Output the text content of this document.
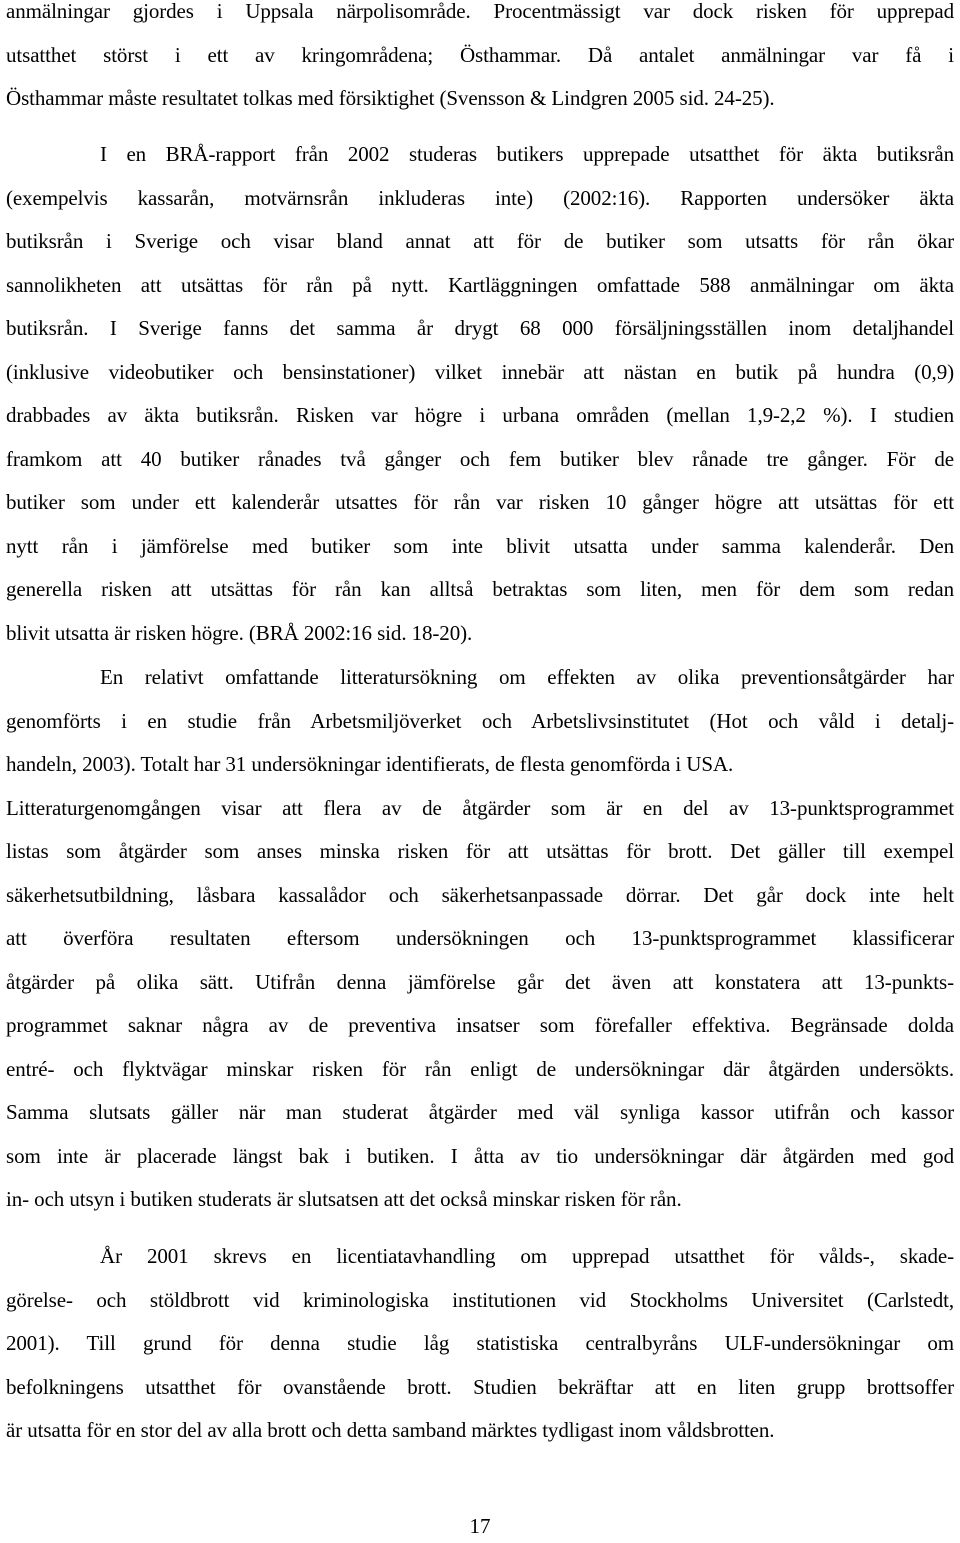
anmälningar gjordes i Uppsala närpolisområde. Procentmässigt var dock risken för upprepad
utsatthet störst i ett av kringområdena; Östhammar. Då antalet anmälningar var få i
Östhammar måste resultatet tolkas med försiktighet (Svensson & Lindgren 2005 sid. 24-25).

I en BRÅ-rapport från 2002 studeras butikers upprepade utsatthet för äkta butiksrån
(exempelvis kassarån, motvärnsrån inkluderas inte) (2002:16). Rapporten undersöker äkta
butiksrån i Sverige och visar bland annat att för de butiker som utsatts för rån ökar
sannolikheten att utsättas för rån på nytt. Kartläggningen omfattade 588 anmälningar om äkta
butiksrån. I Sverige fanns det samma år drygt 68 000 försäljningsställen inom detaljhandel
(inklusive videobutiker och bensinstationer) vilket innebär att nästan en butik på hundra (0,9)
drabbades av äkta butiksrån. Risken var högre i urbana områden (mellan 1,9-2,2 %). I studien
framkom att 40 butiker rånades två gånger och fem butiker blev rånade tre gånger. För de
butiker som under ett kalenderår utsattes för rån var risken 10 gånger högre att utsättas för ett
nytt rån i jämförelse med butiker som inte blivit utsatta under samma kalenderår. Den
generella risken att utsättas för rån kan alltså betraktas som liten, men för dem som redan
blivit utsatta är risken högre. (BRÅ 2002:16 sid. 18-20).

En relativt omfattande litteratursökning om effekten av olika preventionsåtgärder har
genomförts i en studie från Arbetsmiljöverket och Arbetslivsinstitutet (Hot och våld i detalj-
handeln, 2003). Totalt har 31 undersökningar identifierats, de flesta genomförda i USA.
Litteraturgenomgången visar att flera av de åtgärder som är en del av 13-punktsprogrammet
listas som åtgärder som anses minska risken för att utsättas för brott. Det gäller till exempel
säkerhetsutbildning, låsbara kassalådor och säkerhetsanpassade dörrar. Det går dock inte helt
att överföra resultaten eftersom undersökningen och 13-punktsprogrammet klassificerar
åtgärder på olika sätt. Utifrån denna jämförelse går det även att konstatera att 13-punkts-
programmet saknar några av de preventiva insatser som förefaller effektiva. Begränsade dolda
entré- och flyktvägar minskar risken för rån enligt de undersökningar där åtgärden undersökts.
Samma slutsats gäller när man studerat åtgärder med väl synliga kassor utifrån och kassor
som inte är placerade längst bak i butiken. I åtta av tio undersökningar där åtgärden med god
in- och utsyn i butiken studerats är slutsatsen att det också minskar risken för rån.

År 2001 skrevs en licentiatavhandling om upprepad utsatthet för vålds-, skade-
görelse- och stöldbrott vid kriminologiska institutionen vid Stockholms Universitet (Carlstedt,
2001). Till grund för denna studie låg statistiska centralbyråns ULF-undersökningar om
befolkningens utsatthet för ovanstående brott. Studien bekräftar att en liten grupp brottsoffer
är utsatta för en stor del av alla brott och detta samband märktes tydligast inom våldsbrotten.

17
